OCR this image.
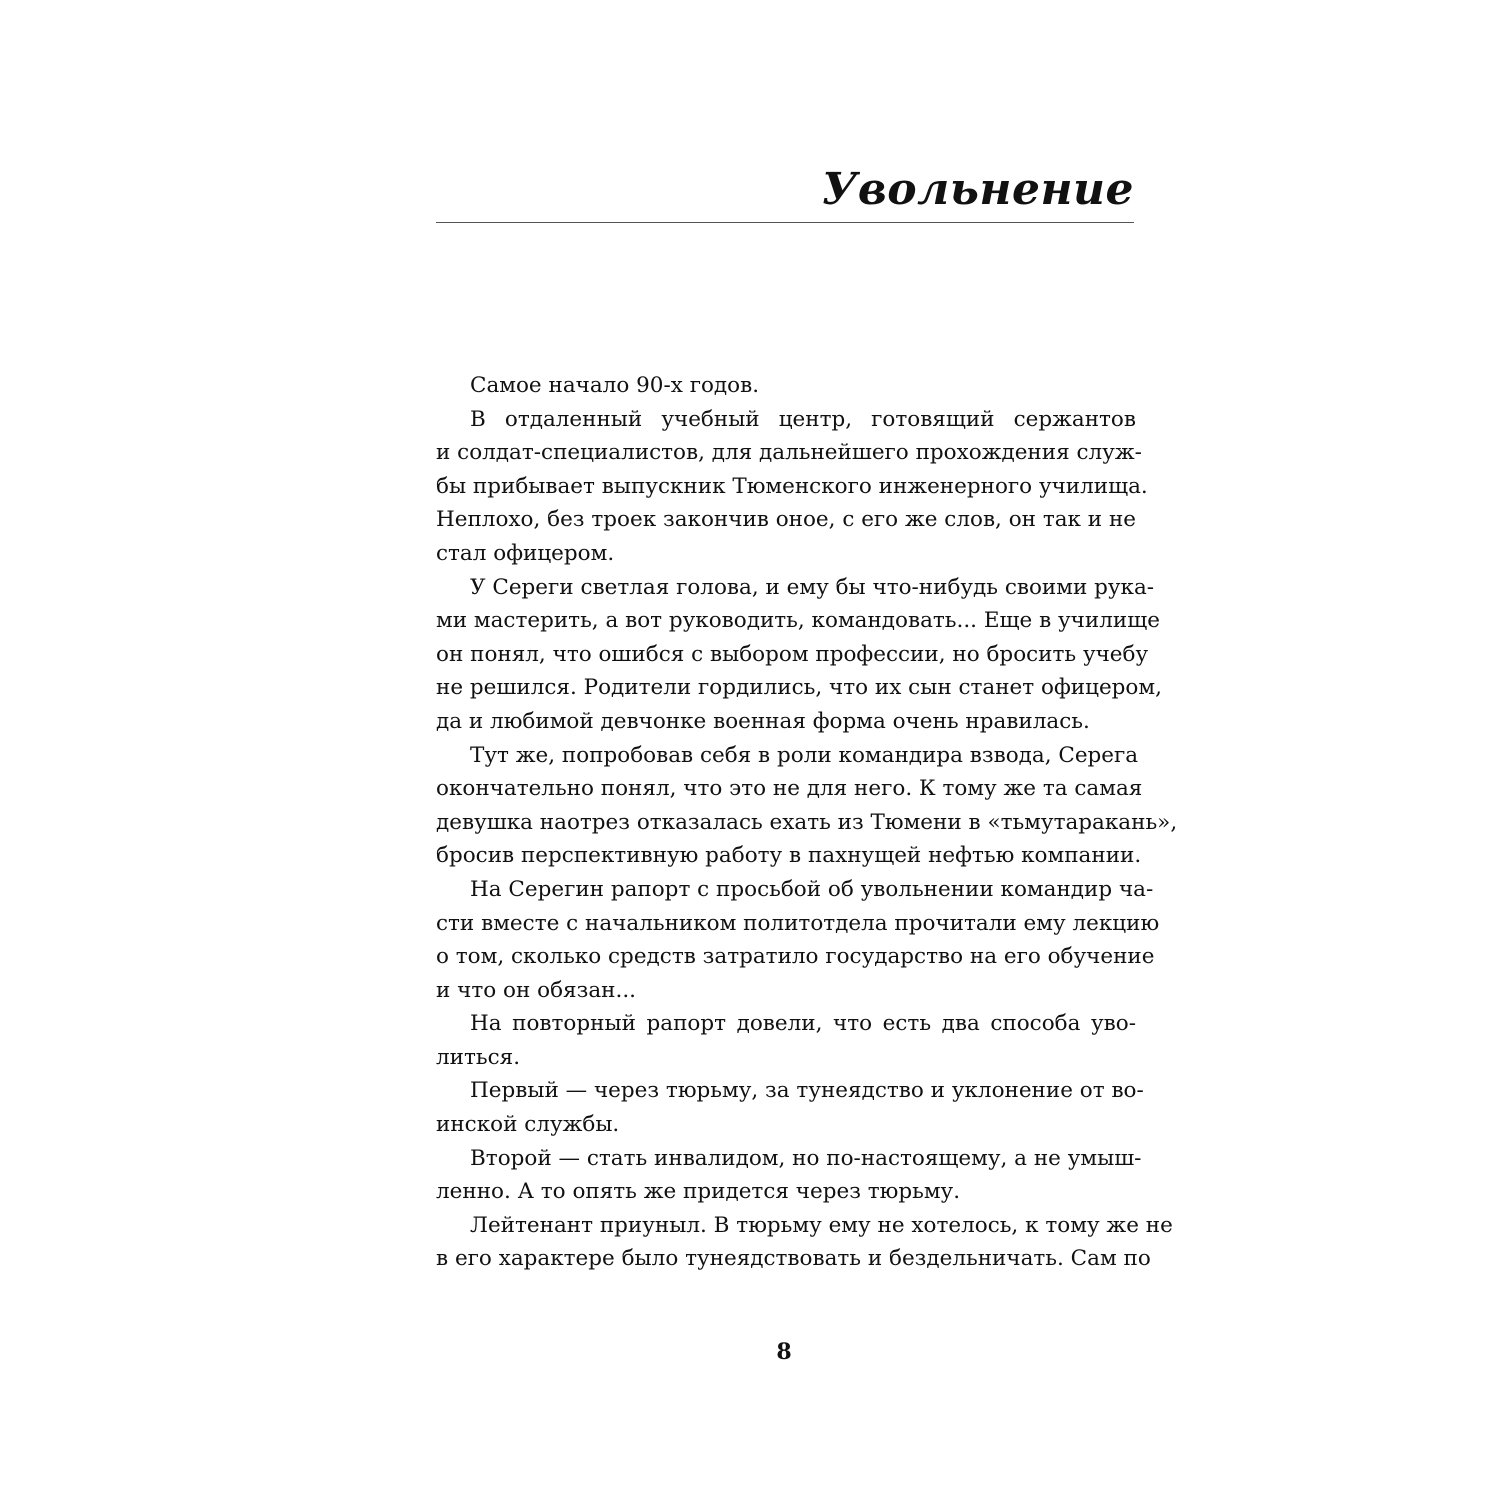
Увольнение
Самое начало 90-х годов.
В отдаленный учебный центр, готовящий сержантов
и солдат-специалистов, для дальнейшего прохождения служ-
бы прибывает выпускник Тюменского инженерного училища.
Неплохо, без троек закончив оное, с его же слов, он так и не
стал офицером.
У Сереги светлая голова, и ему бы что-нибудь своими рука-
ми мастерить, а вот руководить, командовать... Еще в училище
он понял, что ошибся с выбором профессии, но бросить учебу
не решился. Родители гордились, что их сын станет офицером,
да и любимой девчонке военная форма очень нравилась.
Тут же, попробовав себя в роли командира взвода, Серега
окончательно понял, что это не для него. К тому же та самая
девушка наотрез отказалась ехать из Тюмени в «тьмутаракань»,
бросив перспективную работу в пахнущей нефтью компании.
На Серегин рапорт с просьбой об увольнении командир ча-
сти вместе с начальником политотдела прочитали ему лекцию
о том, сколько средств затратило государство на его обучение
и что он обязан...
На повторный рапорт довели, что есть два способа уво-
литься.
Первый — через тюрьму, за тунеядство и уклонение от во-
инской службы.
Второй — стать инвалидом, но по-настоящему, а не умыш-
ленно. А то опять же придется через тюрьму.
Лейтенант приуныл. В тюрьму ему не хотелось, к тому же не
в его характере было тунеядствовать и бездельничать. Сам по
8
